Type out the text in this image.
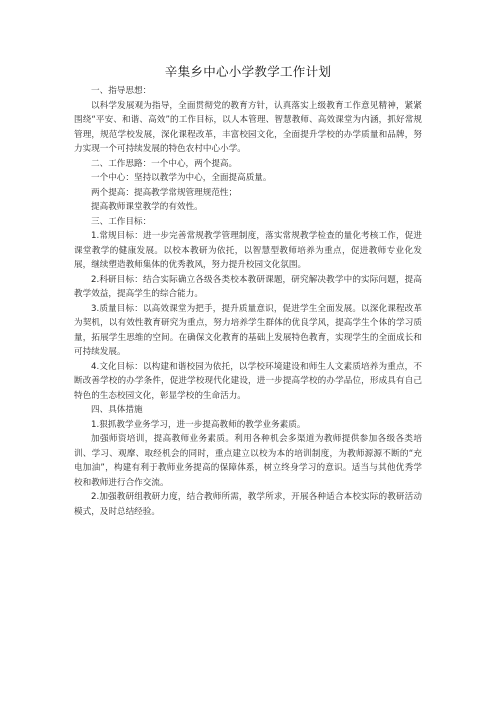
辛集乡中心小学教学工作计划

一、指导思想：

以科学发展观为指导，全面贯彻党的教育方针，认真落实上级教育工作意见精神，紧紧围绕“平安、和谐、高效”的工作目标，以人本管理、智慧教师、高效课堂为内涵，抓好常规管理，规范学校发展，深化课程改革，丰富校园文化，全面提升学校的办学质量和品牌，努力实现一个可持续发展的特色农村中心小学。

二、工作思路：一个中心，两个提高。

一个中心：坚持以教学为中心，全面提高质量。

两个提高：提高教学常规管理规范性；

提高教师课堂教学的有效性。

三、工作目标：

1.常规目标：进一步完善常规教学管理制度，落实常规教学检查的量化考核工作，促进课堂教学的健康发展。以校本教研为依托，以智慧型教师培养为重点，促进教师专业化发展，继续塑造教师集体的优秀教风，努力提升校园文化氛围。

2.科研目标：结合实际确立各级各类校本教研课题，研究解决教学中的实际问题，提高教学效益，提高学生的综合能力。

3.质量目标：以高效课堂为把手，提升质量意识，促进学生全面发展。以深化课程改革为契机，以有效性教育研究为重点，努力培养学生群体的优良学风，提高学生个体的学习质量，拓展学生思维的空间。在确保文化教育的基础上发展特色教育，实现学生的全面成长和可持续发展。

4.文化目标：以构建和谐校园为依托，以学校环境建设和师生人文素质培养为重点，不断改善学校的办学条件，促进学校现代化建设，进一步提高学校的办学品位，形成具有自己特色的生态校园文化，彰显学校的生命活力。

四、具体措施

1.狠抓教学业务学习，进一步提高教师的教学业务素质。

加强师资培训，提高教师业务素质。利用各种机会多渠道为教师提供参加各级各类培训、学习、观摩、取经机会的同时，重点建立以校为本的培训制度，为教师源源不断的“充电加油”，构建有利于教师业务提高的保障体系，树立终身学习的意识。适当与其他优秀学校和教师进行合作交流。

2.加强教研组教研力度，结合教师所需，教学所求，开展各种适合本校实际的教研活动模式，及时总结经验。
